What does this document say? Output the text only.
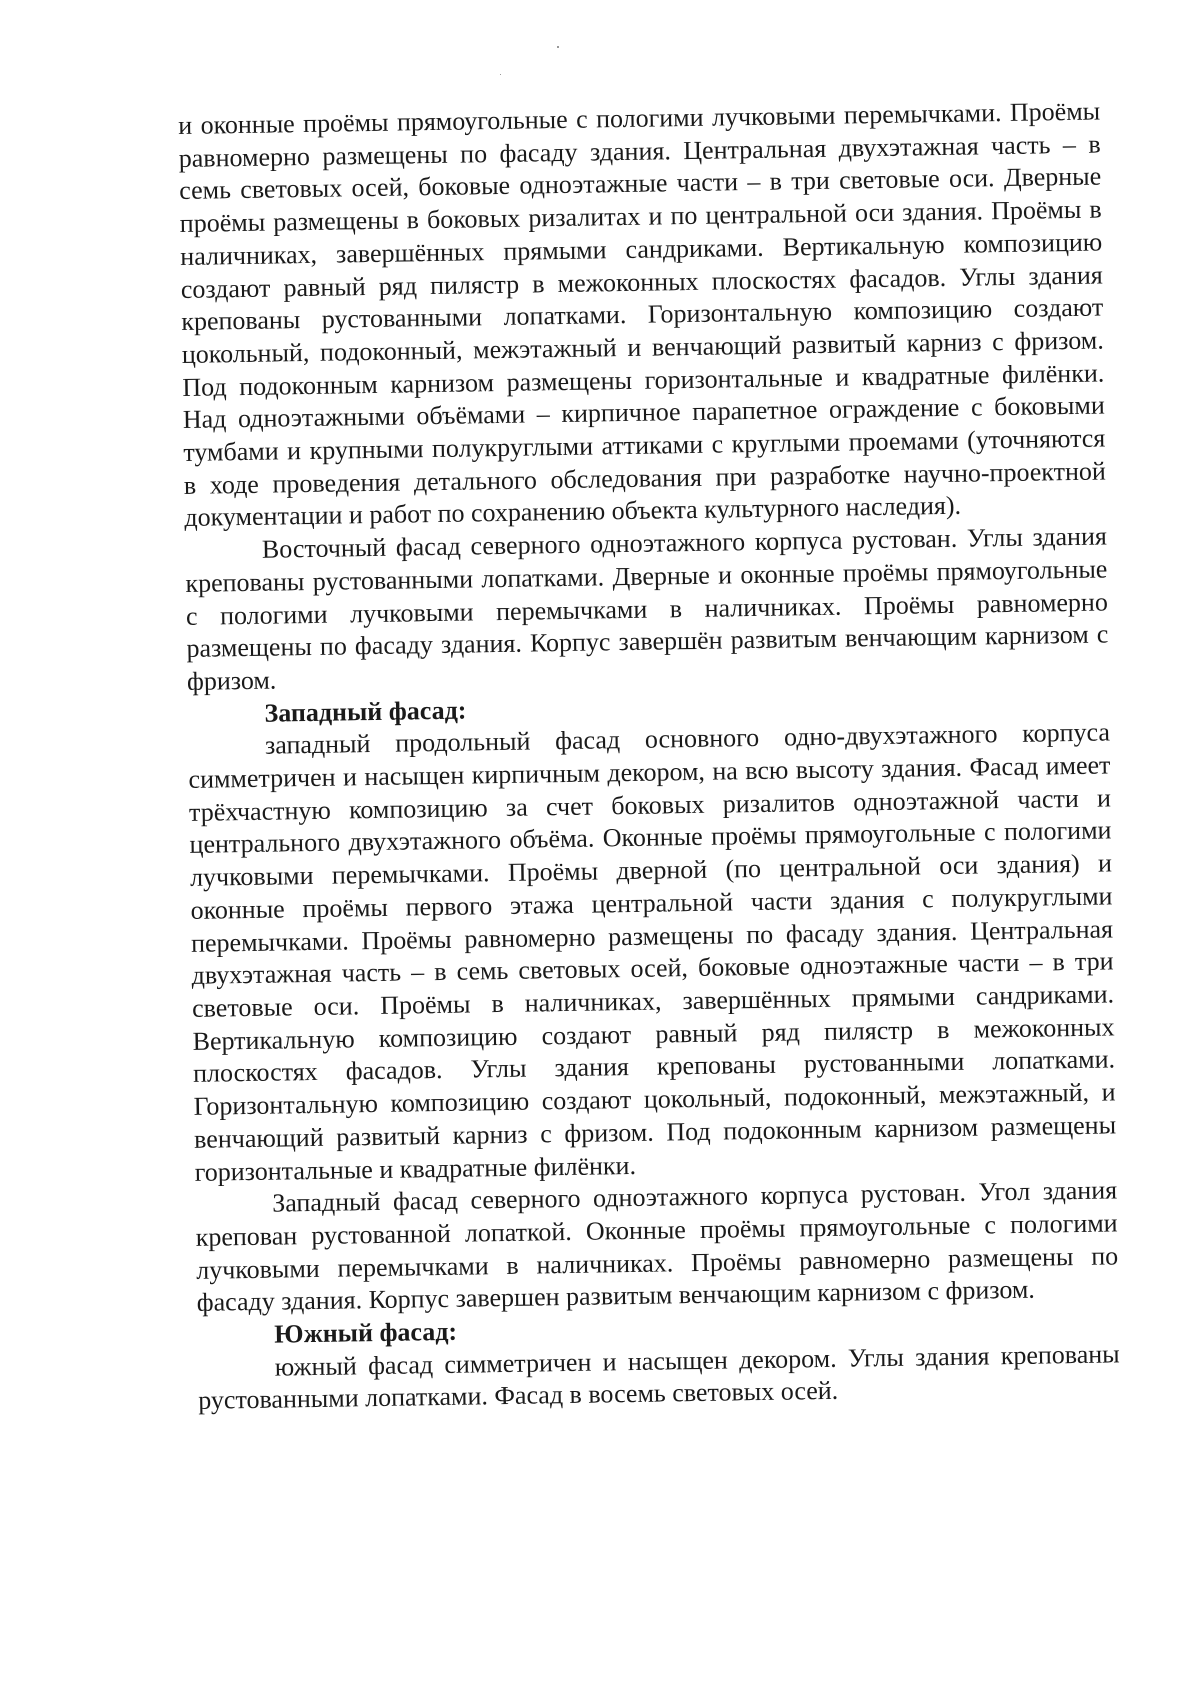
и оконные проёмы прямоугольные с пологими лучковыми перемычками. Проёмы равномерно размещены по фасаду здания. Центральная двухэтажная часть – в семь световых осей, боковые одноэтажные части – в три световые оси. Дверные проёмы размещены в боковых ризалитах и по центральной оси здания. Проёмы в наличниках, завершённых прямыми сандриками. Вертикальную композицию создают равный ряд пилястр в межоконных плоскостях фасадов. Углы здания крепованы рустованными лопатками. Горизонтальную композицию создают цокольный, подоконный, межэтажный и венчающий развитый карниз с фризом. Под подоконным карнизом размещены горизонтальные и квадратные филёнки. Над одноэтажными объёмами – кирпичное парапетное ограждение с боковыми тумбами и крупными полукруглыми аттиками с круглыми проемами (уточняются в ходе проведения детального обследования при разработке научно-проектной документации и работ по сохранению объекта культурного наследия).

Восточный фасад северного одноэтажного корпуса рустован. Углы здания крепованы рустованными лопатками. Дверные и оконные проёмы прямоугольные с пологими лучковыми перемычками в наличниках. Проёмы равномерно размещены по фасаду здания. Корпус завершён развитым венчающим карнизом с фризом.

Западный фасад:

западный продольный фасад основного одно-двухэтажного корпуса симметричен и насыщен кирпичным декором, на всю высоту здания. Фасад имеет трёхчастную композицию за счет боковых ризалитов одноэтажной части и центрального двухэтажного объёма. Оконные проёмы прямоугольные с пологими лучковыми перемычками. Проёмы дверной (по центральной оси здания) и оконные проёмы первого этажа центральной части здания с полукруглыми перемычками. Проёмы равномерно размещены по фасаду здания. Центральная двухэтажная часть – в семь световых осей, боковые одноэтажные части – в три световые оси. Проёмы в наличниках, завершённых прямыми сандриками. Вертикальную композицию создают равный ряд пилястр в межоконных плоскостях фасадов. Углы здания крепованы рустованными лопатками. Горизонтальную композицию создают цокольный, подоконный, межэтажный, и венчающий развитый карниз с фризом. Под подоконным карнизом размещены горизонтальные и квадратные филёнки.

Западный фасад северного одноэтажного корпуса рустован. Угол здания крепован рустованной лопаткой. Оконные проёмы прямоугольные с пологими лучковыми перемычками в наличниках. Проёмы равномерно размещены по фасаду здания. Корпус завершен развитым венчающим карнизом с фризом.

Южный фасад:

южный фасад симметричен и насыщен декором. Углы здания крепованы рустованными лопатками. Фасад в восемь световых осей.
